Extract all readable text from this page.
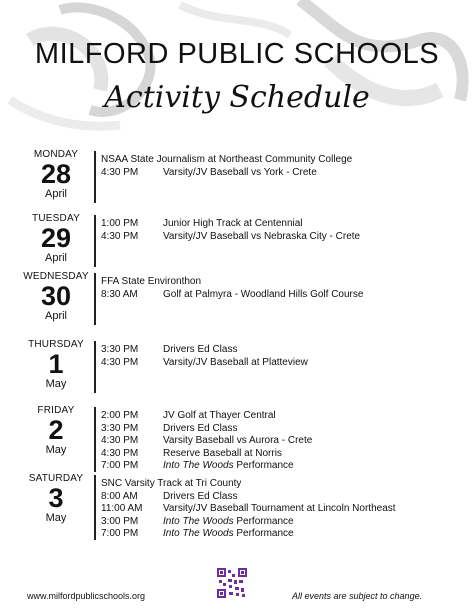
MILFORD PUBLIC SCHOOLS
Activity Schedule
MONDAY
28
April
NSAA State Journalism at Northeast Community College
4:30 PM Varsity/JV Baseball vs York - Crete
TUESDAY
29
April
1:00 PM Junior High Track at Centennial
4:30 PM Varsity/JV Baseball vs Nebraska City - Crete
WEDNESDAY
30
April
FFA State Environthon
8:30 AM	Golf at Palmyra - Woodland Hills Golf Course
THURSDAY
1
May
3:30 PM Drivers Ed Class
4:30 PM Varsity/JV Baseball at Platteview
FRIDAY
2
May
2:00 PM JV Golf at Thayer Central
3:30 PM Drivers Ed Class
4:30 PM Varsity Baseball vs Aurora - Crete
4:30 PM Reserve Baseball at Norris
7:00 PM Into The Woods Performance
SATURDAY
3
May
SNC Varsity Track at Tri County
8:00 AM	Drivers Ed Class
11:00 AM Varsity/JV Baseball Tournament at Lincoln Northeast
3:00 PM Into The Woods Performance
7:00 PM Into The Woods Performance
www.milfordpublicschools.org	All events are subject to change.
